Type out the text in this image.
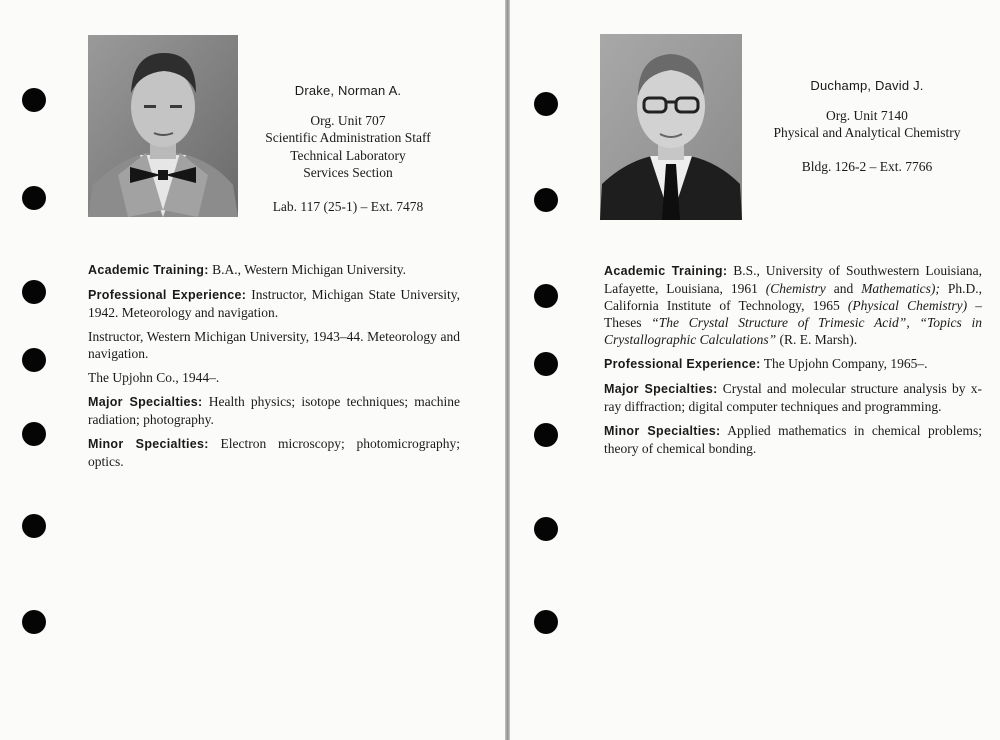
Drake, Norman A.
Org. Unit 707
Scientific Administration Staff
Technical Laboratory
Services Section
Lab. 117 (25-1) – Ext. 7478

Academic Training: B.A., Western Michigan University.

Professional Experience: Instructor, Michigan State University, 1942. Meteorology and navigation.

Instructor, Western Michigan University, 1943–44. Meteorology and navigation.

The Upjohn Co., 1944–.

Major Specialties: Health physics; isotope techniques; machine radiation; photography.

Minor Specialties: Electron microscopy; photomicrography; optics.

Duchamp, David J.
Org. Unit 7140
Physical and Analytical Chemistry
Bldg. 126-2 – Ext. 7766

Academic Training: B.S., University of Southwestern Louisiana, Lafayette, Louisiana, 1961 (Chemistry and Mathematics); Ph.D., California Institute of Technology, 1965 (Physical Chemistry) – Theses “The Crystal Structure of Trimesic Acid”, “Topics in Crystallographic Calculations” (R. E. Marsh).

Professional Experience: The Upjohn Company, 1965–.

Major Specialties: Crystal and molecular structure analysis by x-ray diffraction; digital computer techniques and programming.

Minor Specialties: Applied mathematics in chemical problems; theory of chemical bonding.
